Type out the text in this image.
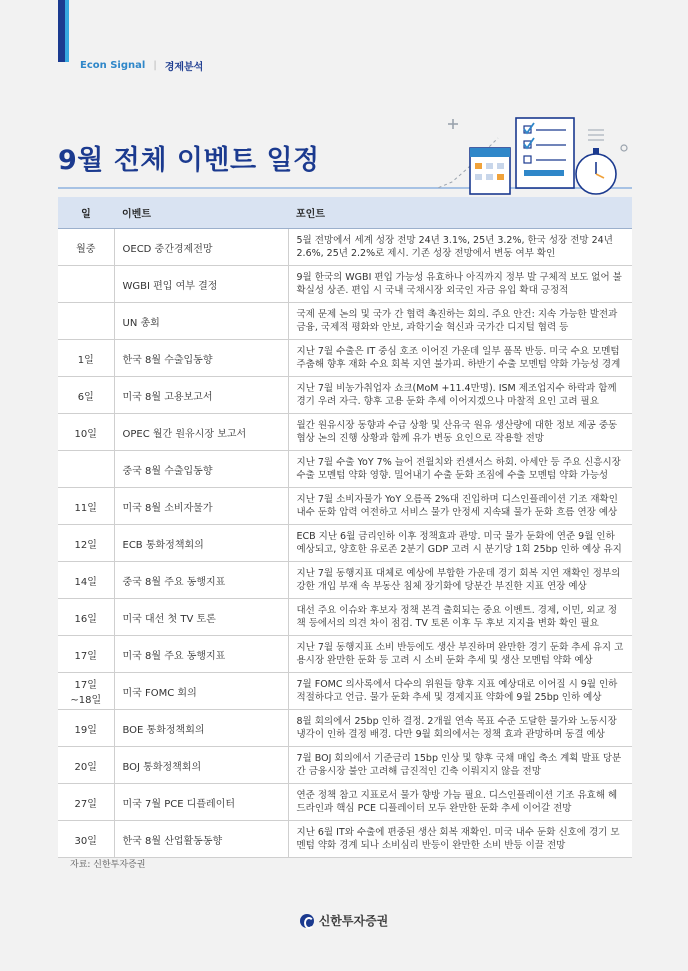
Econ Signal | 경제분석
9월 전체 이벤트 일정
일	이벤트	포인트
월중	OECD 중간경제전망	5월 전망에서 세계 성장 전망 24년 3.1%, 25년 3.2%, 한국 성장 전망 24년 2.6%, 25년 2.2%로 제시. 기존 성장 전망에서 변동 여부 확인
	WGBI 편입 여부 결정	9월 한국의 WGBI 편입 가능성 유효하나 아직까지 정부 발 구체적 보도 없어 불확실성 상존. 편입 시 국내 국채시장 외국인 자금 유입 확대 긍정적
	UN 총회	국제 문제 논의 및 국가 간 협력 촉진하는 회의. 주요 안건: 지속 가능한 발전과 금융, 국제적 평화와 안보, 과학기술 혁신과 국가간 디지털 협력 등
1일	한국 8월 수출입동향	지난 7월 수출은 IT 중심 호조 이어진 가운데 일부 품목 반등. 미국 수요 모멘텀 주춤해 향후 재화 수요 회복 지연 불가피. 하반기 수출 모멘텀 약화 가능성 경계
6일	미국 8월 고용보고서	지난 7월 비농가취업자 쇼크(MoM +11.4만명). ISM 제조업지수 하락과 함께 경기 우려 자극. 향후 고용 둔화 추세 이어지겠으나 마찰적 요인 고려 필요
10일	OPEC 월간 원유시장 보고서	월간 원유시장 동향과 수급 상황 및 산유국 원유 생산량에 대한 정보 제공 중동 협상 논의 진행 상황과 함께 유가 변동 요인으로 작용할 전망
	중국 8월 수출입동향	지난 7월 수출 YoY 7% 늘어 전월치와 컨센서스 하회. 아세안 등 주요 신흥시장 수출 모멘텀 약화 영향. 밀어내기 수출 둔화 조짐에 수출 모멘텀 약화 가능성
11일	미국 8월 소비자물가	지난 7월 소비자물가 YoY 오름폭 2%대 진입하며 디스인플레이션 기조 재확인 내수 둔화 압력 여전하고 서비스 물가 안정세 지속돼 물가 둔화 흐름 연장 예상
12일	ECB 통화정책회의	ECB 지난 6월 금리인하 이후 정책효과 관망. 미국 물가 둔화에 연준 9월 인하 예상되고, 양호한 유로존 2분기 GDP 고려 시 분기당 1회 25bp 인하 예상 유지
14일	중국 8월 주요 동행지표	지난 7월 동행지표 대체로 예상에 부합한 가운데 경기 회복 지연 재확인 정부의 강한 개입 부재 속 부동산 침체 장기화에 당분간 부진한 지표 연장 예상
16일	미국 대선 첫 TV 토론	대선 주요 이슈와 후보자 정책 본격 출회되는 중요 이벤트. 경제, 이민, 외교 정책 등에서의 의견 차이 점검. TV 토론 이후 두 후보 지지율 변화 확인 필요
17일	미국 8월 주요 동행지표	지난 7월 동행지표 소비 반등에도 생산 부진하며 완만한 경기 둔화 추세 유지 고용시장 완만한 둔화 등 고려 시 소비 둔화 추세 및 생산 모멘텀 약화 예상
17일 ~18일	미국 FOMC 회의	7월 FOMC 의사록에서 다수의 위원들 향후 지표 예상대로 이어질 시 9월 인하 적절하다고 언급. 물가 둔화 추세 및 경제지표 약화에 9월 25bp 인하 예상
19일	BOE 통화정책회의	8월 회의에서 25bp 인하 결정. 2개월 연속 목표 수준 도달한 물가와 노동시장 냉각이 인하 결정 배경. 다만 9월 회의에서는 정책 효과 관망하며 동결 예상
20일	BOJ 통화정책회의	7월 BOJ 회의에서 기준금리 15bp 인상 및 향후 국채 매입 축소 계획 발표 당분간 금융시장 불안 고려해 급진적인 긴축 이뤄지지 않을 전망
27일	미국 7월 PCE 디플레이터	연준 정책 참고 지표로서 물가 향방 가늠 필요. 디스인플레이션 기조 유효해 헤드라인과 핵심 PCE 디플레이터 모두 완만한 둔화 추세 이어갈 전망
30일	한국 8월 산업활동동향	지난 6월 IT와 수출에 편중된 생산 회복 재확인. 미국 내수 둔화 신호에 경기 모멘텀 약화 경계 되나 소비심리 반등이 완만한 소비 반등 이끌 전망
자료: 신한투자증권
신한투자증권
